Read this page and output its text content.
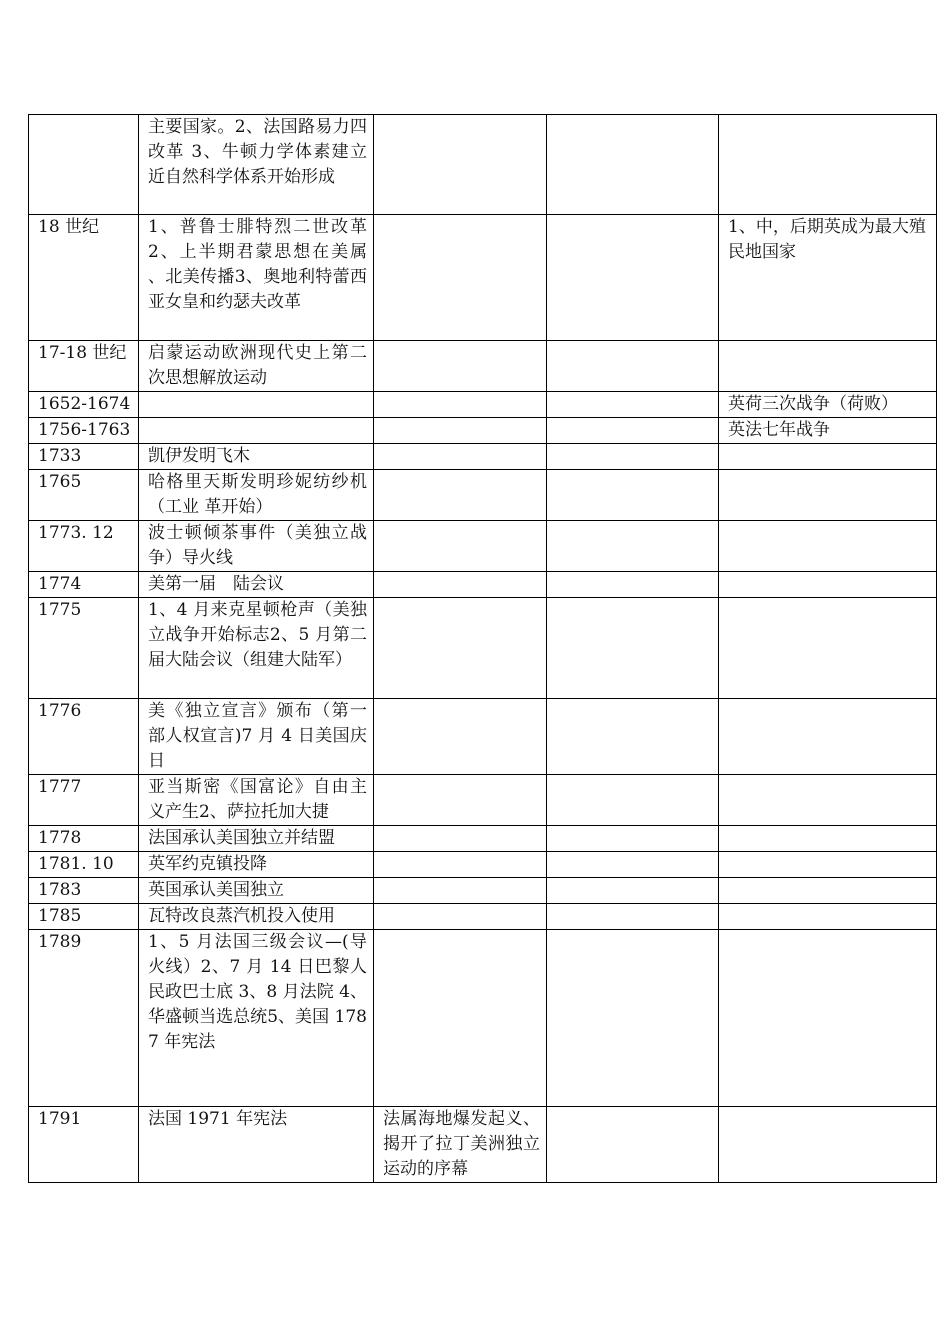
	主要国家。2、法国路易力四改革 3、牛顿力学体素建立近自然科学体系开始形成			
18 世纪	1、普鲁士腓特烈二世改革 2、上半期君蒙思想在美属 、北美传播3、奥地利特蕾西亚女皇和约瑟夫改革			1、中，后期英成为最大殖民地国家
17-18 世纪	启蒙运动欧洲现代史上第二次思想解放运动			
1652-1674				英荷三次战争（荷败）
1756-1763				英法七年战争
1733	凯伊发明飞木			
1765	哈格里天斯发明珍妮纺纱机（工业 革开始）			
1773. 12	波士顿倾茶事件（美独立战争）导火线			
1774	美第一届　陆会议			
1775	1、4 月来克星顿枪声（美独立战争开始标志2、5 月第二届大陆会议（组建大陆军）			
1776	美《独立宣言》颁布（第一部人权宣言)7 月 4 日美国庆日			
1777	亚当斯密《国富论》自由主义产生2、萨拉托加大捷			
1778	法国承认美国独立并结盟			
1781. 10	英军约克镇投降			
1783	英国承认美国独立			
1785	瓦特改良蒸汽机投入使用			
1789	1、5 月法国三级会议—(导火线）2、7 月 14 日巴黎人民政巴士底 3、8 月法院 4、华盛顿当选总统5、美国 1787 年宪法			
1791	法国 1971 年宪法	法属海地爆发起义、揭开了拉丁美洲独立运动的序幕		
